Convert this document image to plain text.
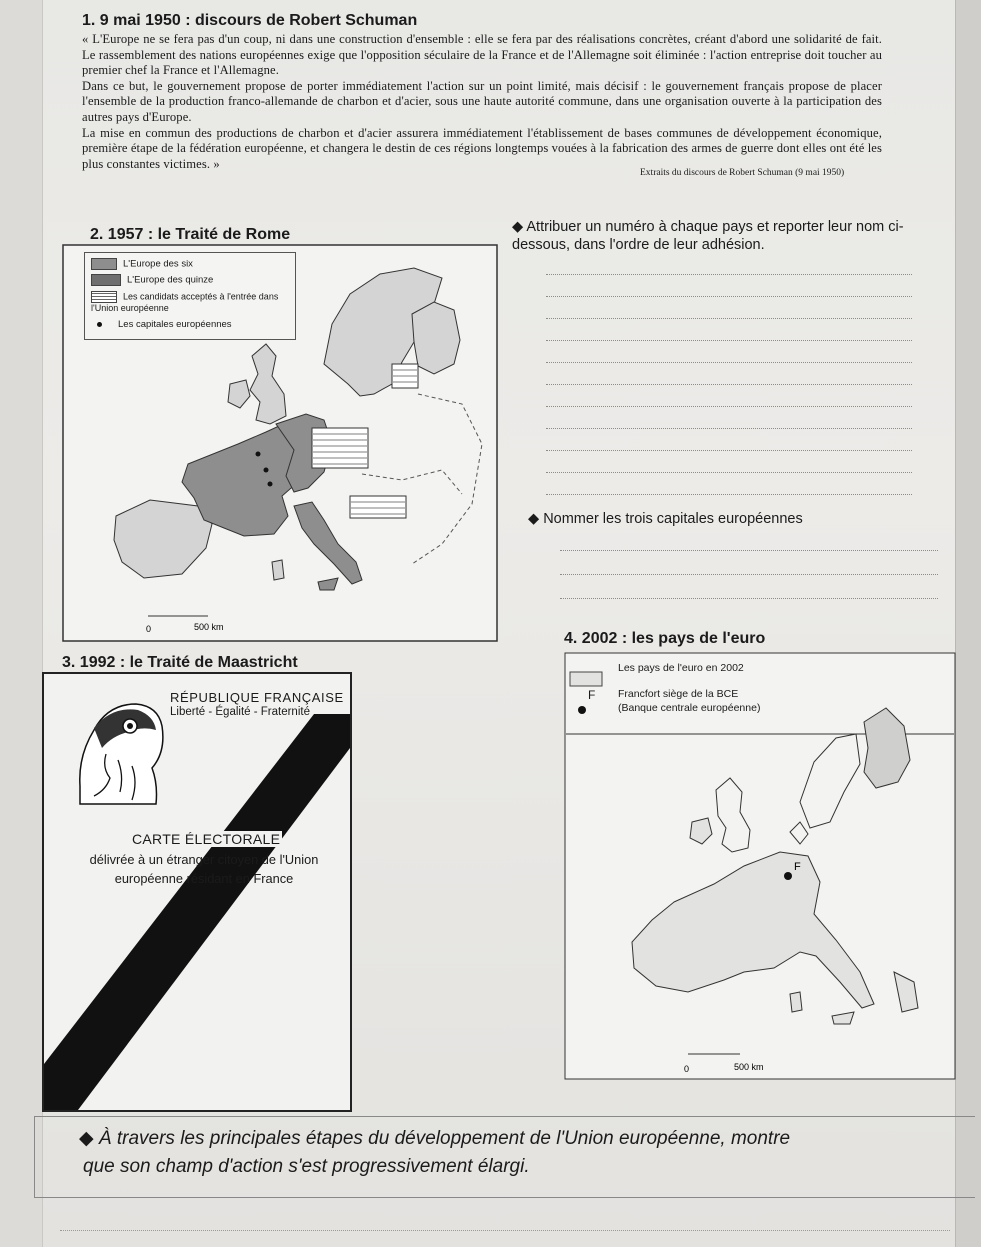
1. 9 mai 1950 : discours de Robert Schuman

« L'Europe ne se fera pas d'un coup, ni dans une construction d'ensemble : elle se fera par des réalisations concrètes, créant d'abord une solidarité de fait. Le rassemblement des nations européennes exige que l'opposition séculaire de la France et de l'Allemagne soit éliminée : l'action entreprise doit toucher au premier chef la France et l'Allemagne.

Dans ce but, le gouvernement propose de porter immédiatement l'action sur un point limité, mais décisif : le gouvernement français propose de placer l'ensemble de la production franco-allemande de charbon et d'acier, sous une haute autorité commune, dans une organisation ouverte à la participation des autres pays d'Europe.

La mise en commun des productions de charbon et d'acier assurera immédiatement l'établissement de bases communes de développement économique, première étape de la fédération européenne, et changera le destin de ces régions longtemps vouées à la fabrication des armes de guerre dont elles ont été les plus constantes victimes. »

Extraits du discours de Robert Schuman (9 mai 1950)
2. 1957 : le Traité de Rome
0	500 km
L'Europe des six
L'Europe des quinze
Les candidats acceptés à l'entrée dans l'Union européenne
Les capitales européennes
◆ Attribuer un numéro à chaque pays et reporter leur nom ci-dessous, dans l'ordre de leur adhésion.
◆ Nommer les trois capitales européennes
3. 1992 : le Traité de Maastricht
RÉPUBLIQUE FRANÇAISE
Liberté - Égalité - Fraternité
CARTE ÉLECTORALE
délivrée à un étranger citoyen de l'Union européenne résidant en France
4. 2002 : les pays de l'euro
F
0	500 km
Les pays de l'euro en 2002
F Francfort siège de la BCE
(Banque centrale européenne)
◆ À travers les principales étapes du développement de l'Union européenne, montre
que son champ d'action s'est progressivement élargi.
